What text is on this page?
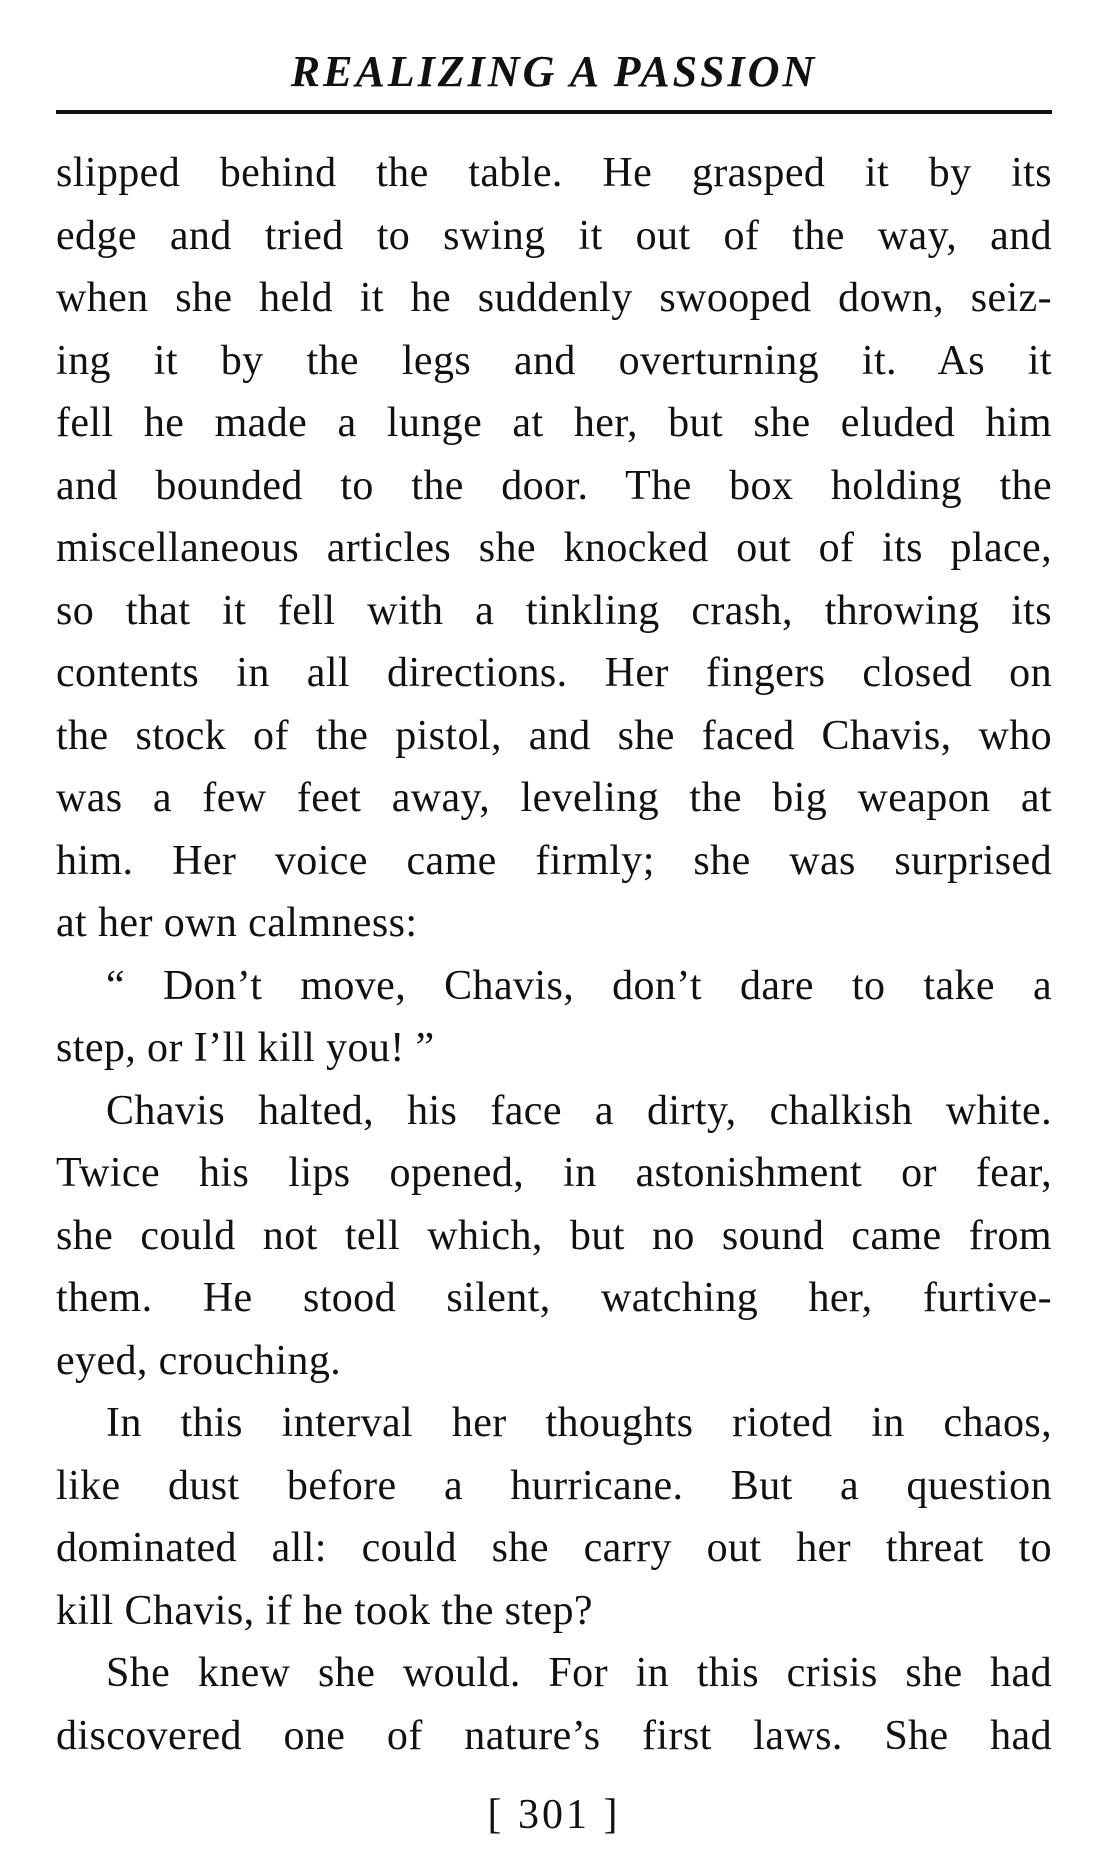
REALIZING A PASSION
slipped behind the table. He grasped it by its
edge and tried to swing it out of the way, and
when she held it he suddenly swooped down, seiz-
ing it by the legs and overturning it. As it
fell he made a lunge at her, but she eluded him
and bounded to the door. The box holding the
miscellaneous articles she knocked out of its place,
so that it fell with a tinkling crash, throwing its
contents in all directions. Her fingers closed on
the stock of the pistol, and she faced Chavis, who
was a few feet away, leveling the big weapon at
him. Her voice came firmly; she was surprised
at her own calmness:
“ Don’t move, Chavis, don’t dare to take a
step, or I’ll kill you! ”
Chavis halted, his face a dirty, chalkish white.
Twice his lips opened, in astonishment or fear,
she could not tell which, but no sound came from
them. He stood silent, watching her, furtive-
eyed, crouching.
In this interval her thoughts rioted in chaos,
like dust before a hurricane. But a question
dominated all: could she carry out her threat to
kill Chavis, if he took the step?
She knew she would. For in this crisis she had
discovered one of nature’s first laws. She had
[ 301 ]
